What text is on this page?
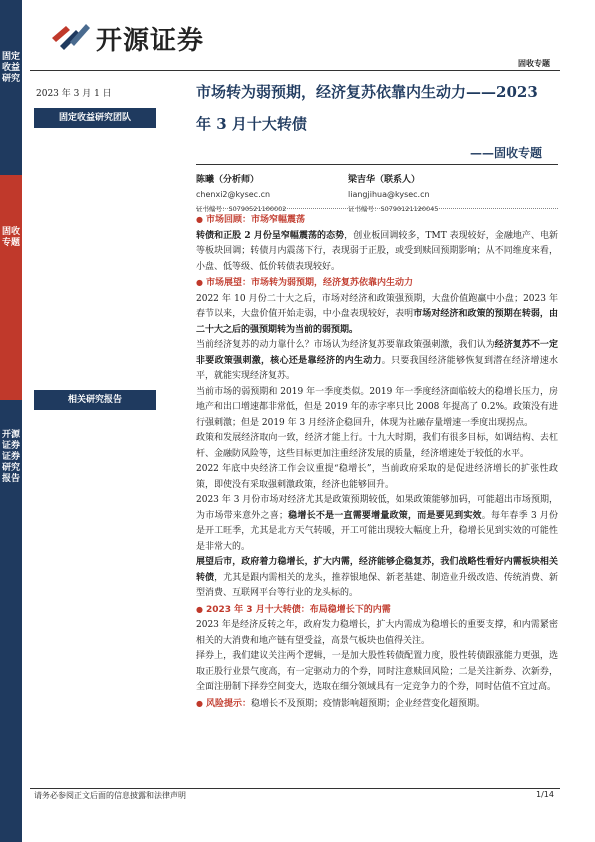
固定收益研究
固收专题
开源证券证券研究报告
开源证券
固收专题
2023 年 3 月 1 日
固定收益研究团队
相关研究报告
市场转为弱预期，经济复苏依靠内生动力——2023
年 3 月十大转债
——固收专题
陈曦（分析师）
chenxi2@kysec.cn
证书编号：S0790521100002
梁吉华（联系人）
liangjihua@kysec.cn
证书编号：S0790121120045

● 市场回顾：市场窄幅震荡

转债和正股 2 月份呈窄幅震荡的态势，创业板回调较多，TMT 表现较好，金融地产、电新等板块回调；转债月内震荡下行，表现弱于正股，或受到赎回预期影响；从不同维度来看，小盘、低等级、低价转债表现较好。

● 市场展望：市场转为弱预期，经济复苏依靠内生动力

2022 年 10 月份二十大之后，市场对经济和政策强预期，大盘价值跑赢中小盘；2023 年春节以来，大盘价值开始走弱，中小盘表现较好，表明市场对经济和政策的预期在转弱，由二十大之后的强预期转为当前的弱预期。

当前经济复苏的动力靠什么？市场认为经济复苏要靠政策强刺激，我们认为经济复苏不一定非要政策强刺激，核心还是靠经济的内生动力。只要我国经济能够恢复到潜在经济增速水平，就能实现经济复苏。

当前市场的弱预期和 2019 年一季度类似。2019 年一季度经济面临较大的稳增长压力，房地产和出口增速都非常低，但是 2019 年的赤字率只比 2008 年提高了 0.2%。政策没有进行强刺激；但是 2019 年 3 月经济企稳回升，体现为社融存量增速一季度出现拐点。

政策和发展经济取向一致，经济才能上行。十九大时期，我们有很多目标，如调结构、去杠杆、金融防风险等，这些目标更加注重经济发展的质量，经济增速处于较低的水平。

2022 年底中央经济工作会议重提“稳增长”，当前政府采取的是促进经济增长的扩张性政策，即使没有采取强刺激政策，经济也能够回升。

2023 年 3 月份市场对经济尤其是政策预期较低，如果政策能够加码，可能超出市场预期，为市场带来意外之喜；稳增长不是一直需要增量政策，而是要见到实效。每年春季 3 月份是开工旺季，尤其是北方天气转暖，开工可能出现较大幅度上升，稳增长见到实效的可能性是非常大的。

展望后市，政府着力稳增长，扩大内需，经济能够企稳复苏，我们战略性看好内需板块相关转债，尤其是跟内需相关的龙头，推荐银地保、新老基建、制造业升级改造、传统消费、新型消费、互联网平台等行业的龙头标的。

● 2023 年 3 月十大转债：布局稳增长下的内需

2023 年是经济反转之年，政府发力稳增长，扩大内需成为稳增长的重要支撑，和内需紧密相关的大消费和地产链有望受益，高景气板块也值得关注。

择券上，我们建议关注两个逻辑，一是加大股性转债配置力度，股性转债跟涨能力更强，选取正股行业景气度高，有一定驱动力的个券，同时注意赎回风险；二是关注新券、次新券，全面注册制下择券空间变大，选取在细分领域具有一定竞争力的个券，同时估值不宜过高。

● 风险提示：稳增长不及预期；疫情影响超预期；企业经营变化超预期。

请务必参阅正文后面的信息披露和法律声明	1/14
